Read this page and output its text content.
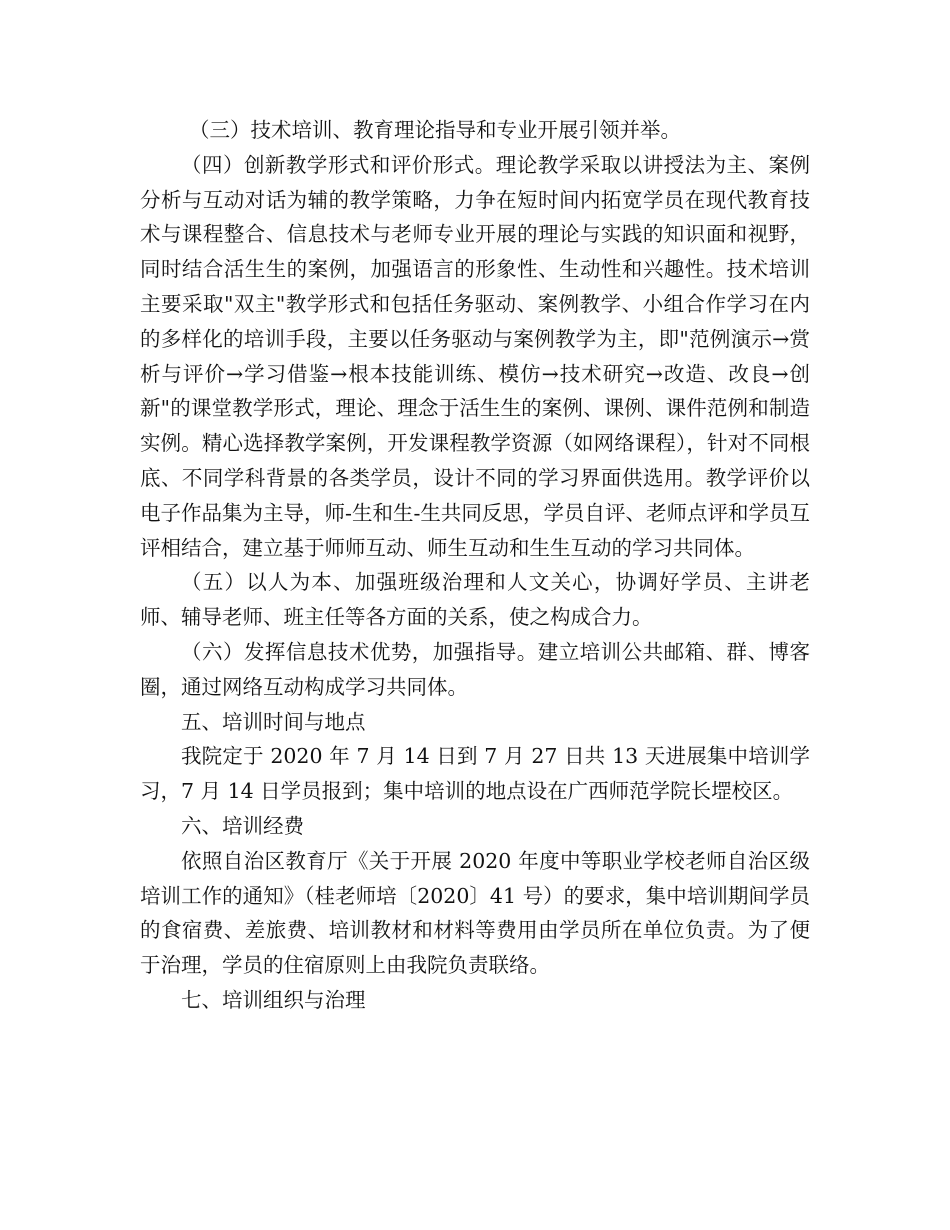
（三）技术培训、教育理论指导和专业开展引领并举。

（四）创新教学形式和评价形式。理论教学采取以讲授法为主、案例分析与互动对话为辅的教学策略，力争在短时间内拓宽学员在现代教育技术与课程整合、信息技术与老师专业开展的理论与实践的知识面和视野，同时结合活生生的案例，加强语言的形象性、生动性和兴趣性。技术培训主要采取"双主"教学形式和包括任务驱动、案例教学、小组合作学习在内的多样化的培训手段，主要以任务驱动与案例教学为主，即"范例演示→赏析与评价→学习借鉴→根本技能训练、模仿→技术研究→改造、改良→创新"的课堂教学形式，理论、理念于活生生的案例、课例、课件范例和制造实例。精心选择教学案例，开发课程教学资源（如网络课程），针对不同根底、不同学科背景的各类学员，设计不同的学习界面供选用。教学评价以电子作品集为主导，师-生和生-生共同反思，学员自评、老师点评和学员互评相结合，建立基于师师互动、师生互动和生生互动的学习共同体。

（五）以人为本、加强班级治理和人文关心，协调好学员、主讲老师、辅导老师、班主任等各方面的关系，使之构成合力。

（六）发挥信息技术优势，加强指导。建立培训公共邮箱、群、博客圈，通过网络互动构成学习共同体。

五、培训时间与地点

我院定于 2020 年 7 月 14 日到 7 月 27 日共 13 天进展集中培训学习，7 月 14 日学员报到；集中培训的地点设在广西师范学院长堽校区。

六、培训经费

依照自治区教育厅《关于开展 2020 年度中等职业学校老师自治区级培训工作的通知》（桂老师培〔2020〕41 号）的要求，集中培训期间学员的食宿费、差旅费、培训教材和材料等费用由学员所在单位负责。为了便于治理，学员的住宿原则上由我院负责联络。

七、培训组织与治理
